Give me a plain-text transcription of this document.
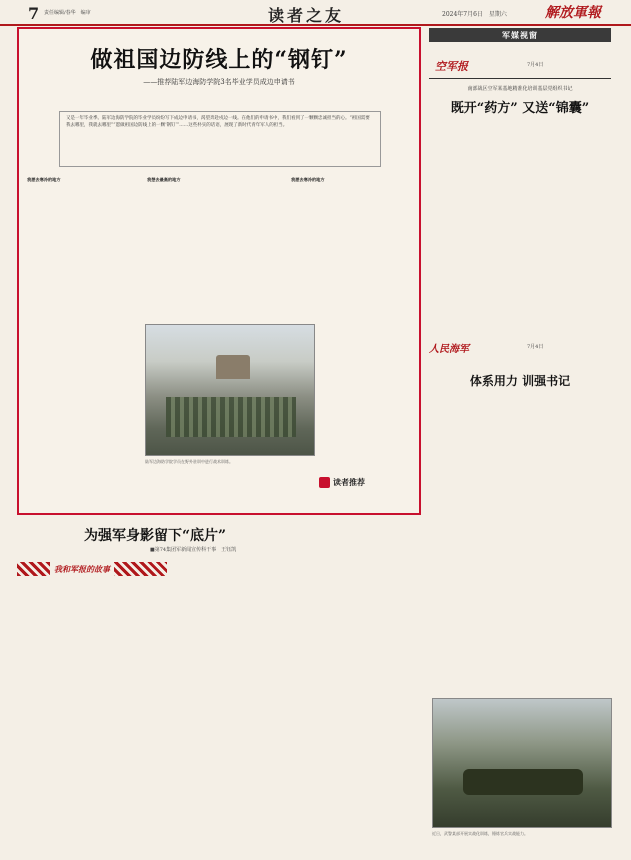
7 责任编辑/春华　编审	读者之友	2024年7月6日　星期六	解放軍報
做祖国边防线上的“钢钉”
——推荐陆军边海防学院3名毕业学员成边申请书
又是一年毕业季。陆军边海防学院的毕业学员纷纷写下成边申请书，渴望奔赴戍边一线。在他们的申请书中，我们看到了一颗颗忠诚担当的心。“祖国需要我去哪里，我就去哪里”“愿做祖国边防线上的一颗‘钢钉’”……这些朴实的话语，展现了新时代青年军人的担当。
我愿去寒冷的地方	我想去最高的地方	我愿去寒冷的地方
陆军边海防学院学员在野外驻训中进行战术训练。
读者推荐
军媒视窗
空军报	7月4日
南部战区空军某基地精准化培训基层党组织书记
既开“药方” 又送“锦囊”
人民海军	7月4日
体系用力 训强书记
为强军身影留下“底片”
■第74集团军新闻宣传科干事　王钰凯
我和军报的故事
近日，武警某部开展实战化训练，锤炼官兵实战能力。
